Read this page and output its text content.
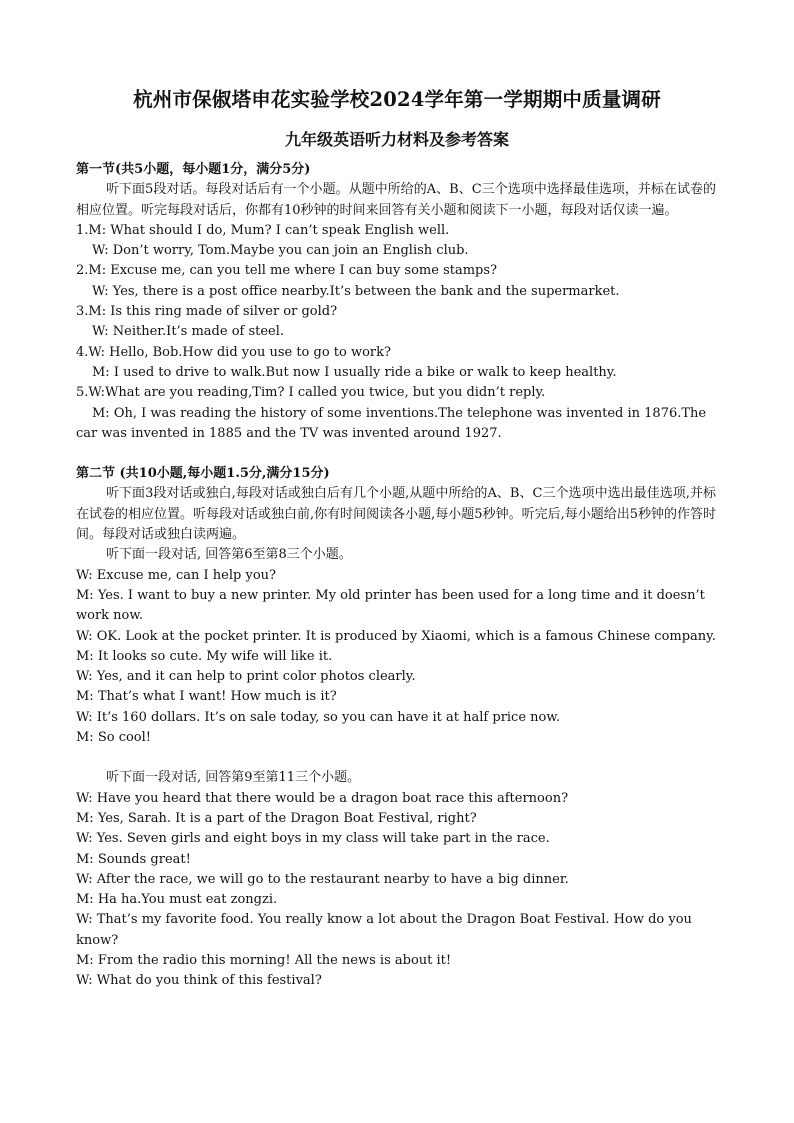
杭州市保俶塔申花实验学校2024学年第一学期期中质量调研
九年级英语听力材料及参考答案
第一节(共5小题，每小题1分，满分5分)
听下面5段对话。每段对话后有一个小题。从题中所给的A、B、C三个选项中选择最佳选项，并标在试卷的相应位置。听完每段对话后，你都有10秒钟的时间来回答有关小题和阅读下一小题，每段对话仅读一遍。
1.M: What should I do, Mum? I can’t speak English well.
W: Don’t worry, Tom.Maybe you can join an English club.
2.M: Excuse me, can you tell me where I can buy some stamps?
W: Yes, there is a post office nearby.It’s between the bank and the supermarket.
3.M: Is this ring made of silver or gold?
W: Neither.It’s made of steel.
4.W: Hello, Bob.How did you use to go to work?
M: I used to drive to walk.But now I usually ride a bike or walk to keep healthy.
5.W:What are you reading,Tim? I called you twice, but you didn’t reply.
M: Oh, I was reading the history of some inventions.The telephone was invented in 1876.The car was invented in 1885 and the TV was invented around 1927.
第二节 (共10小题,每小题1.5分,满分15分)
听下面3段对话或独白,每段对话或独白后有几个小题,从题中所给的A、B、C三个选项中选出最佳选项,并标在试卷的相应位置。听每段对话或独白前,你有时间阅读各小题,每小题5秒钟。听完后,每小题给出5秒钟的作答时间。每段对话或独白读两遍。
听下面一段对话, 回答第6至第8三个小题。
W: Excuse me, can I help you?
M: Yes. I want to buy a new printer. My old printer has been used for a long time and it doesn’t work now.
W: OK. Look at the pocket printer. It is produced by Xiaomi, which is a famous Chinese company.
M: It looks so cute. My wife will like it.
W: Yes, and it can help to print color photos clearly.
M: That’s what I want! How much is it?
W: It’s 160 dollars. It’s on sale today, so you can have it at half price now.
M: So cool!
听下面一段对话, 回答第9至第11三个小题。
W: Have you heard that there would be a dragon boat race this afternoon?
M: Yes, Sarah. It is a part of the Dragon Boat Festival, right?
W: Yes. Seven girls and eight boys in my class will take part in the race.
M: Sounds great!
W: After the race, we will go to the restaurant nearby to have a big dinner.
M: Ha ha.You must eat zongzi.
W: That’s my favorite food. You really know a lot about the Dragon Boat Festival. How do you know?
M: From the radio this morning! All the news is about it!
W: What do you think of this festival?
